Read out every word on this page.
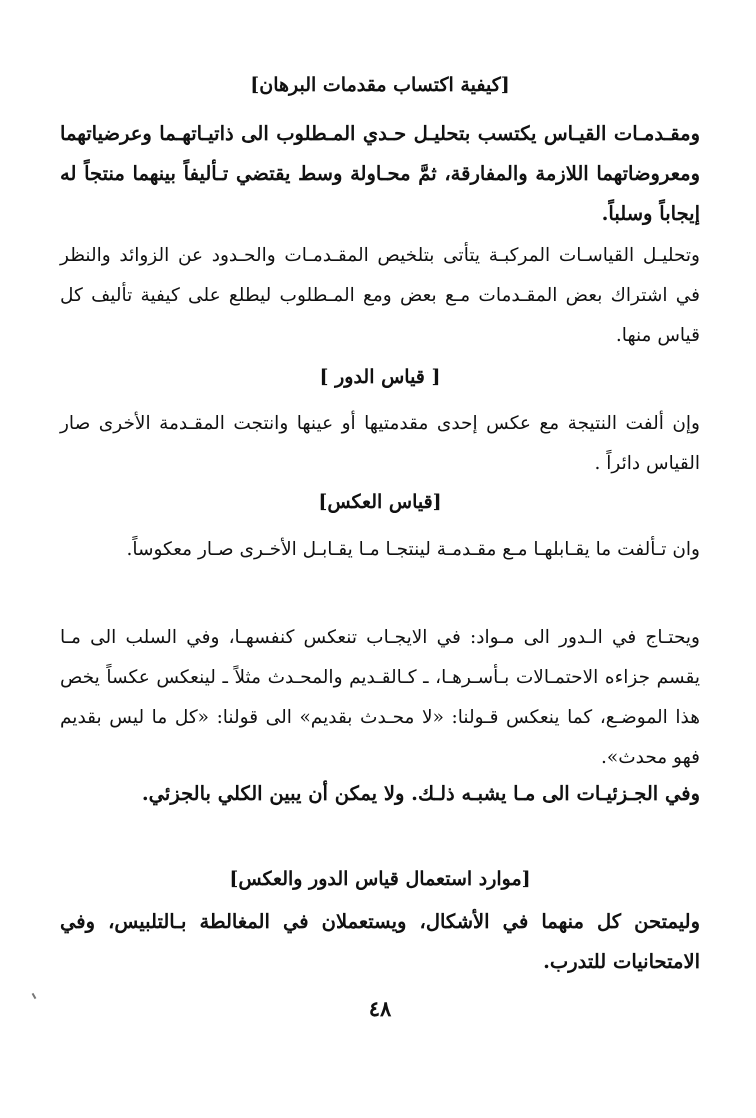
[كيفية اكتساب مقدمات البرهان]
ومقـدمـات القيـاس يكتسب بتحليـل حـدي المـطلوب الى ذاتيـاتهـما وعرضياتهما ومعروضاتهما اللازمة والمفارقة، ثمَّ محـاولة وسط يقتضي تـأليفاً بينهما منتجاً له إيجاباً وسلباً.
وتحليـل القياسـات المركبـة يتأتى بتلخيص المقـدمـات والحـدود عن الزوائد والنظر في اشتراك بعض المقـدمات مـع بعض ومع المـطلوب ليطلع على كيفية تأليف كل قياس منها.
[ قياس الدور ]
وإن ألفت النتيجة مع عكس إحدى مقدمتيها أو عينها وانتجت المقـدمة الأخرى صار القياس دائراً .
[قياس العكس]
وان تـألفت ما يقـابلهـا مـع مقـدمـة لينتجـا مـا يقـابـل الأخـرى صـار معكوساً.
ويحتـاج في الـدور الى مـواد: في الايجـاب تنعكس كنفسهـا، وفي السلب الى مـا يقسم جزاءه الاحتمـالات بـأسـرهـا، ـ كـالقـديم والمحـدث مثلاً ـ لينعكس عكساً يخص هذا الموضـع، كما ينعكس قـولنا: «لا محـدث بقديم» الى قولنا: «كل ما ليس بقديم فهو محدث».
وفي الجـزئيـات الى مـا يشبـه ذلـك. ولا يمكن أن يبين الكلي بالجزئي.
[موارد استعمال قياس الدور والعكس]
وليمتحن كل منهما في الأشكال، ويستعملان في المغالطة بـالتلبيس، وفي الامتحانيات للتدرب.
٤٨
